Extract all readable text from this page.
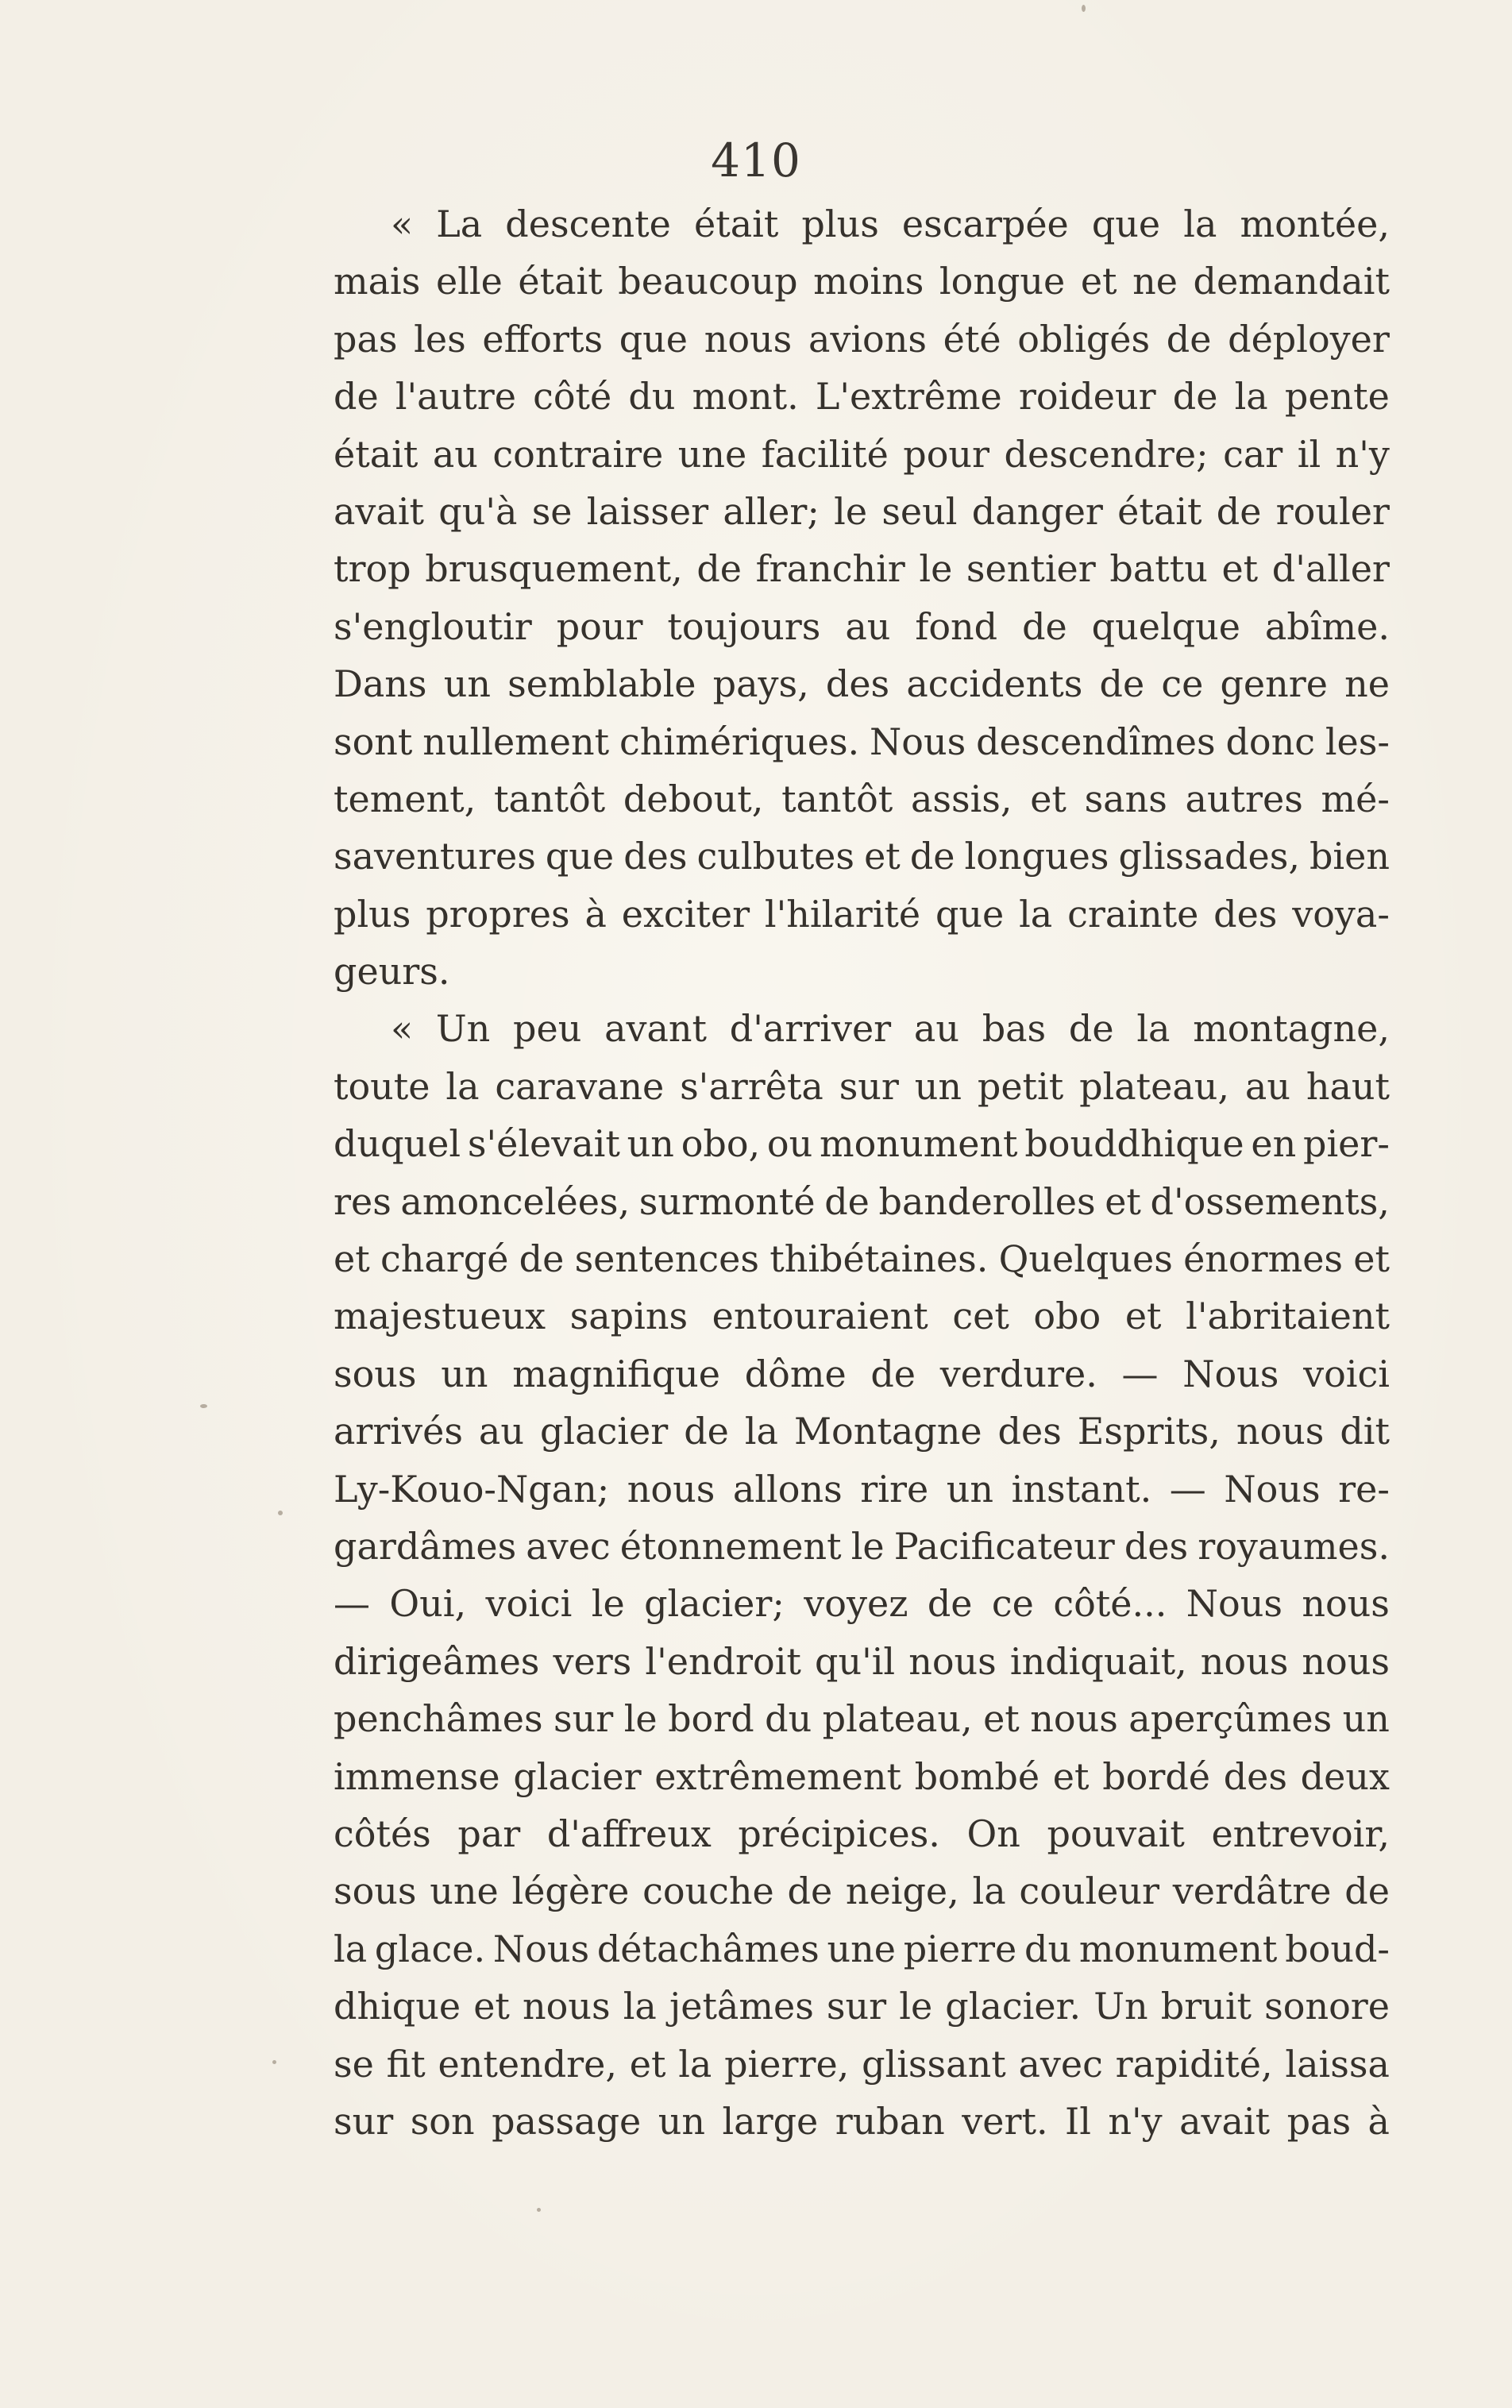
410
« La descente était plus escarpée que la montée,
mais elle était beaucoup moins longue et ne demandait
pas les efforts que nous avions été obligés de déployer
de l'autre côté du mont. L'extrême roideur de la pente
était au contraire une facilité pour descendre; car il n'y
avait qu'à se laisser aller; le seul danger était de rouler
trop brusquement, de franchir le sentier battu et d'aller
s'engloutir pour toujours au fond de quelque abîme.
Dans un semblable pays, des accidents de ce genre ne
sont nullement chimériques. Nous descendîmes donc les-
tement, tantôt debout, tantôt assis, et sans autres mé-
saventures que des culbutes et de longues glissades, bien
plus propres à exciter l'hilarité que la crainte des voya-
geurs.
« Un peu avant d'arriver au bas de la montagne,
toute la caravane s'arrêta sur un petit plateau, au haut
duquel s'élevait un obo, ou monument bouddhique en pier-
res amoncelées, surmonté de banderolles et d'ossements,
et chargé de sentences thibétaines. Quelques énormes et
majestueux sapins entouraient cet obo et l'abritaient
sous un magnifique dôme de verdure. — Nous voici
arrivés au glacier de la Montagne des Esprits, nous dit
Ly-Kouo-Ngan; nous allons rire un instant. — Nous re-
gardâmes avec étonnement le Pacificateur des royaumes.
— Oui, voici le glacier; voyez de ce côté... Nous nous
dirigeâmes vers l'endroit qu'il nous indiquait, nous nous
penchâmes sur le bord du plateau, et nous aperçûmes un
immense glacier extrêmement bombé et bordé des deux
côtés par d'affreux précipices. On pouvait entrevoir,
sous une légère couche de neige, la couleur verdâtre de
la glace. Nous détachâmes une pierre du monument boud-
dhique et nous la jetâmes sur le glacier. Un bruit sonore
se fit entendre, et la pierre, glissant avec rapidité, laissa
sur son passage un large ruban vert. Il n'y avait pas à
